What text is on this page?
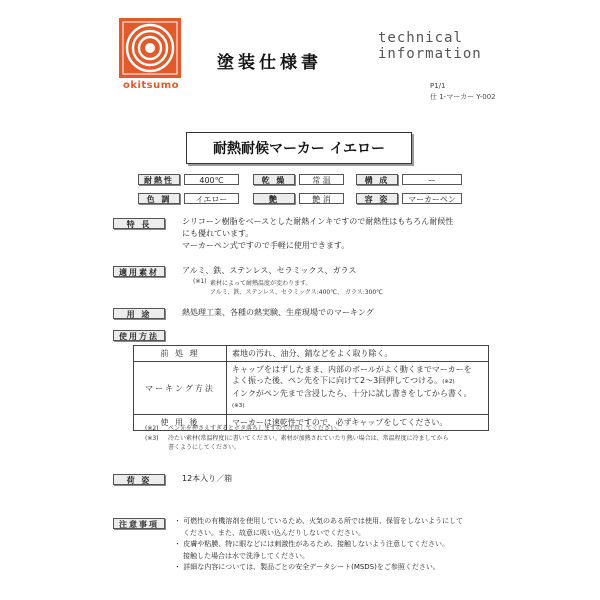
okitsumo
塗装仕様書
technical
information
P1/1
仕 1-マーカー Y-002
耐熱耐候マーカー イエロー
耐熱性	400℃	乾 燥	常 温	構 成	ー
色 調	イエロー	艶	艶 消	容 姿	マーカーペン
特 長	シリコーン樹脂をベースとした耐熱インキですので耐熱性はもちろん耐候性
にも優れています。
マーカーペン式ですので手軽に使用できます。
適用素材	アルミ、鉄、ステンレス、セラミックス、ガラス
(※1) 素材によって耐熱温度が変わります。
アルミ、鉄、ステンレス、セラミックス:400℃、 ガラス:300℃
用 途	熱処理工業、各種の熱実験、生産現場でのマーキング
使用方法
前 処 理	素地の汚れ、油分、錆などをよく取り除く。
マーキング方法	キャップをはずしたまま、内部のボールがよく動くまでマーカーを
よく振った後、ペン先を下に向けて2～3回押してつける。(※2)
インクがペン先まで含浸したら、十分に試し書きをしてから書く。(※3)

使 用 後	マーカーは速乾性ですので、必ずキャップをしてください。
(※2) ペン先を押さえすぎるとボタ落ちしますので注意してください。
(※3) 冷たい素材(常温程度)に書いてください。素材が加熱されていたり熱い場合は、常温程度に冷ましてから
書くようにしてください。
荷 姿	12本入り／箱
注意事項	・ 可燃性の有機溶剤を使用しているため、火気のある所では使用、保管をしないようにして
ください。また、故意に吸い込んだりしないでください。
・ 皮膚や粘膜、特に眼などには刺激性があるため、接触しないよう注意してください。
接触した場合は水で洗浄してください。
・ 詳細な内容については、製品ごとの安全データシート(MSDS)をご参照ください。
